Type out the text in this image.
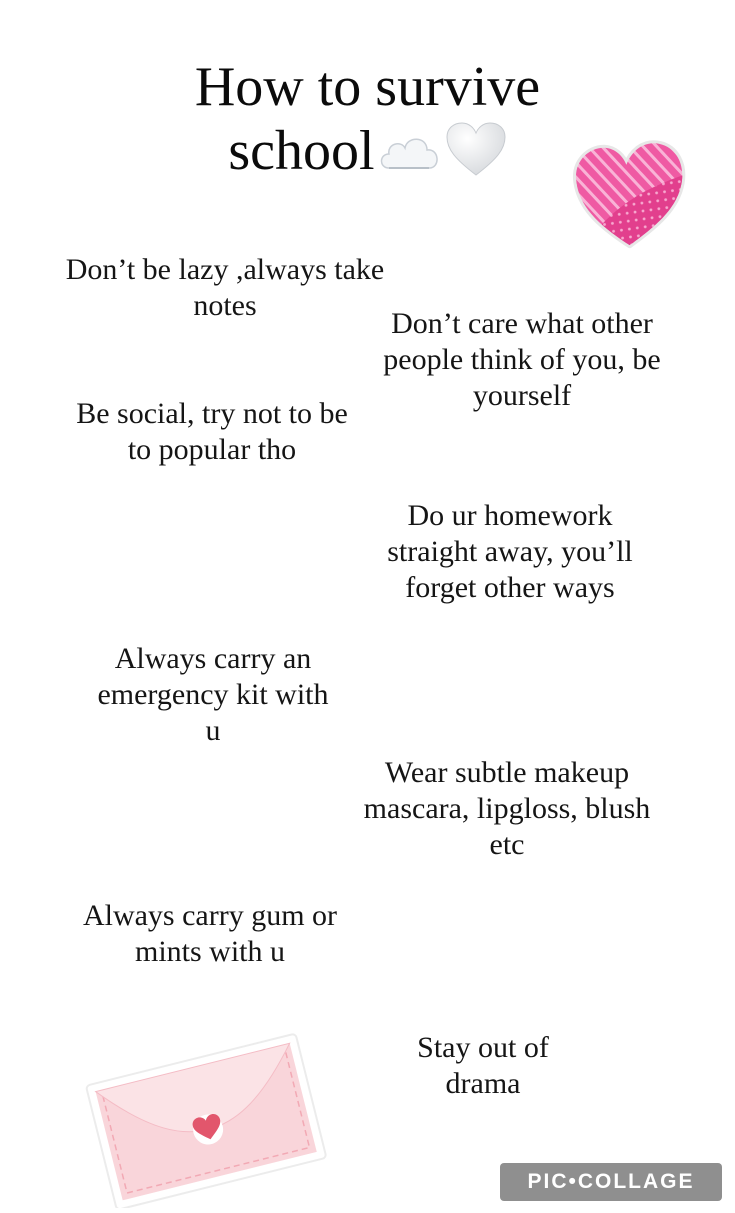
How to survive
school
Don’t be lazy ,always take notes
Don’t care what other people think of you, be yourself
Be social, try not to be to popular tho
Do ur homework straight away, you’ll forget other ways
Always carry an emergency kit with u
Wear subtle makeup mascara, lipgloss, blush etc
Always carry gum or mints with u
Stay out of drama
PIC•COLLAGE
